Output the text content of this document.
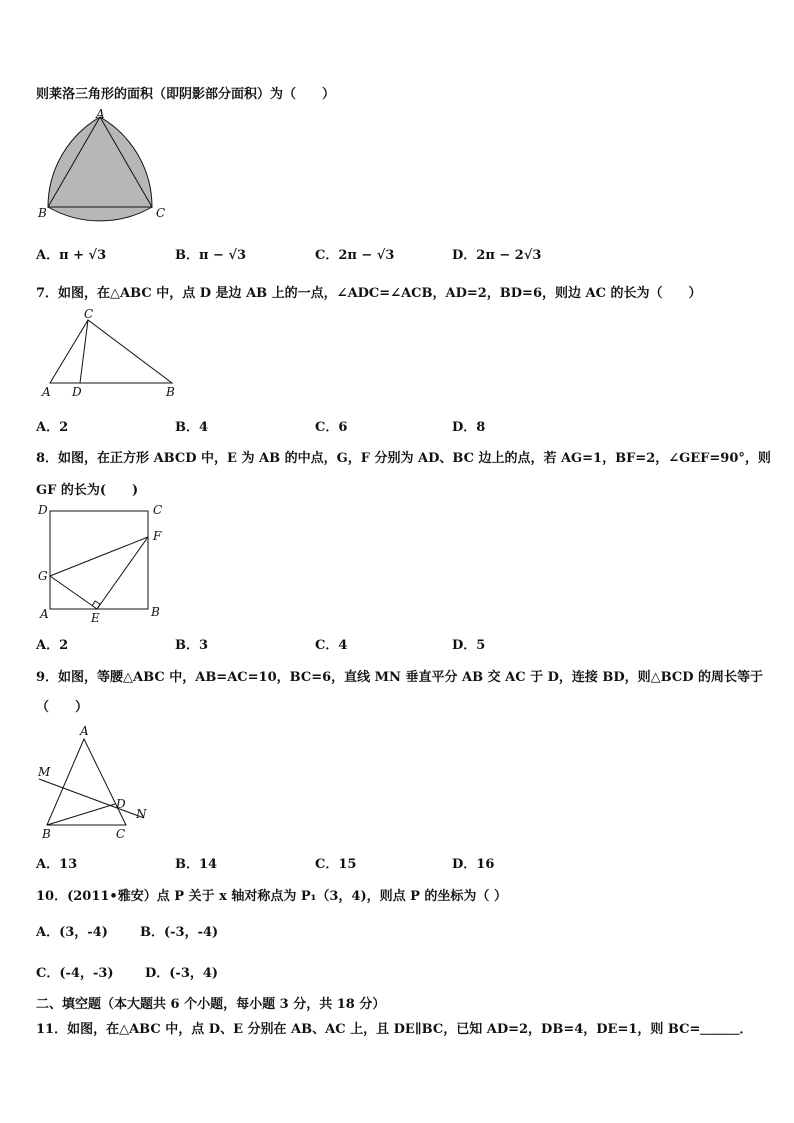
则莱洛三角形的面积（即阴影部分面积）为（　　）
A
B	C
A．π + √3	B．π − √3	C．2π − √3	D．2π − 2√3
7．如图，在△ABC 中，点 D 是边 AB 上的一点，∠ADC=∠ACB，AD=2，BD=6，则边 AC 的长为（　　）
C
A D	B
A．2	B．4	C．6	D．8
8．如图，在正方形 ABCD 中，E 为 AB 的中点，G，F 分别为 AD、BC 边上的点，若 AG=1，BF=2，∠GEF=90°，则
GF 的长为(　　)
D	C
F
G
A	E	B
A．2	B．3	C．4	D．5
9．如图，等腰△ABC 中，AB=AC=10，BC=6，直线 MN 垂直平分 AB 交 AC 于 D，连接 BD，则△BCD 的周长等于
（　　）
A
M
D
N
B	C
A．13	B．14	C．15	D．16
10．(2011•雅安）点 P 关于 x 轴对称点为 P₁（3，4)，则点 P 的坐标为（ ）
A．(3，-4) B．(-3，-4)
C．(-4，-3) D．(-3，4)
二、填空题（本大题共 6 个小题，每小题 3 分，共 18 分）
11．如图，在△ABC 中，点 D、E 分别在 AB、AC 上，且 DE∥BC，已知 AD=2，DB=4，DE=1，则 BC=＿＿＿．
